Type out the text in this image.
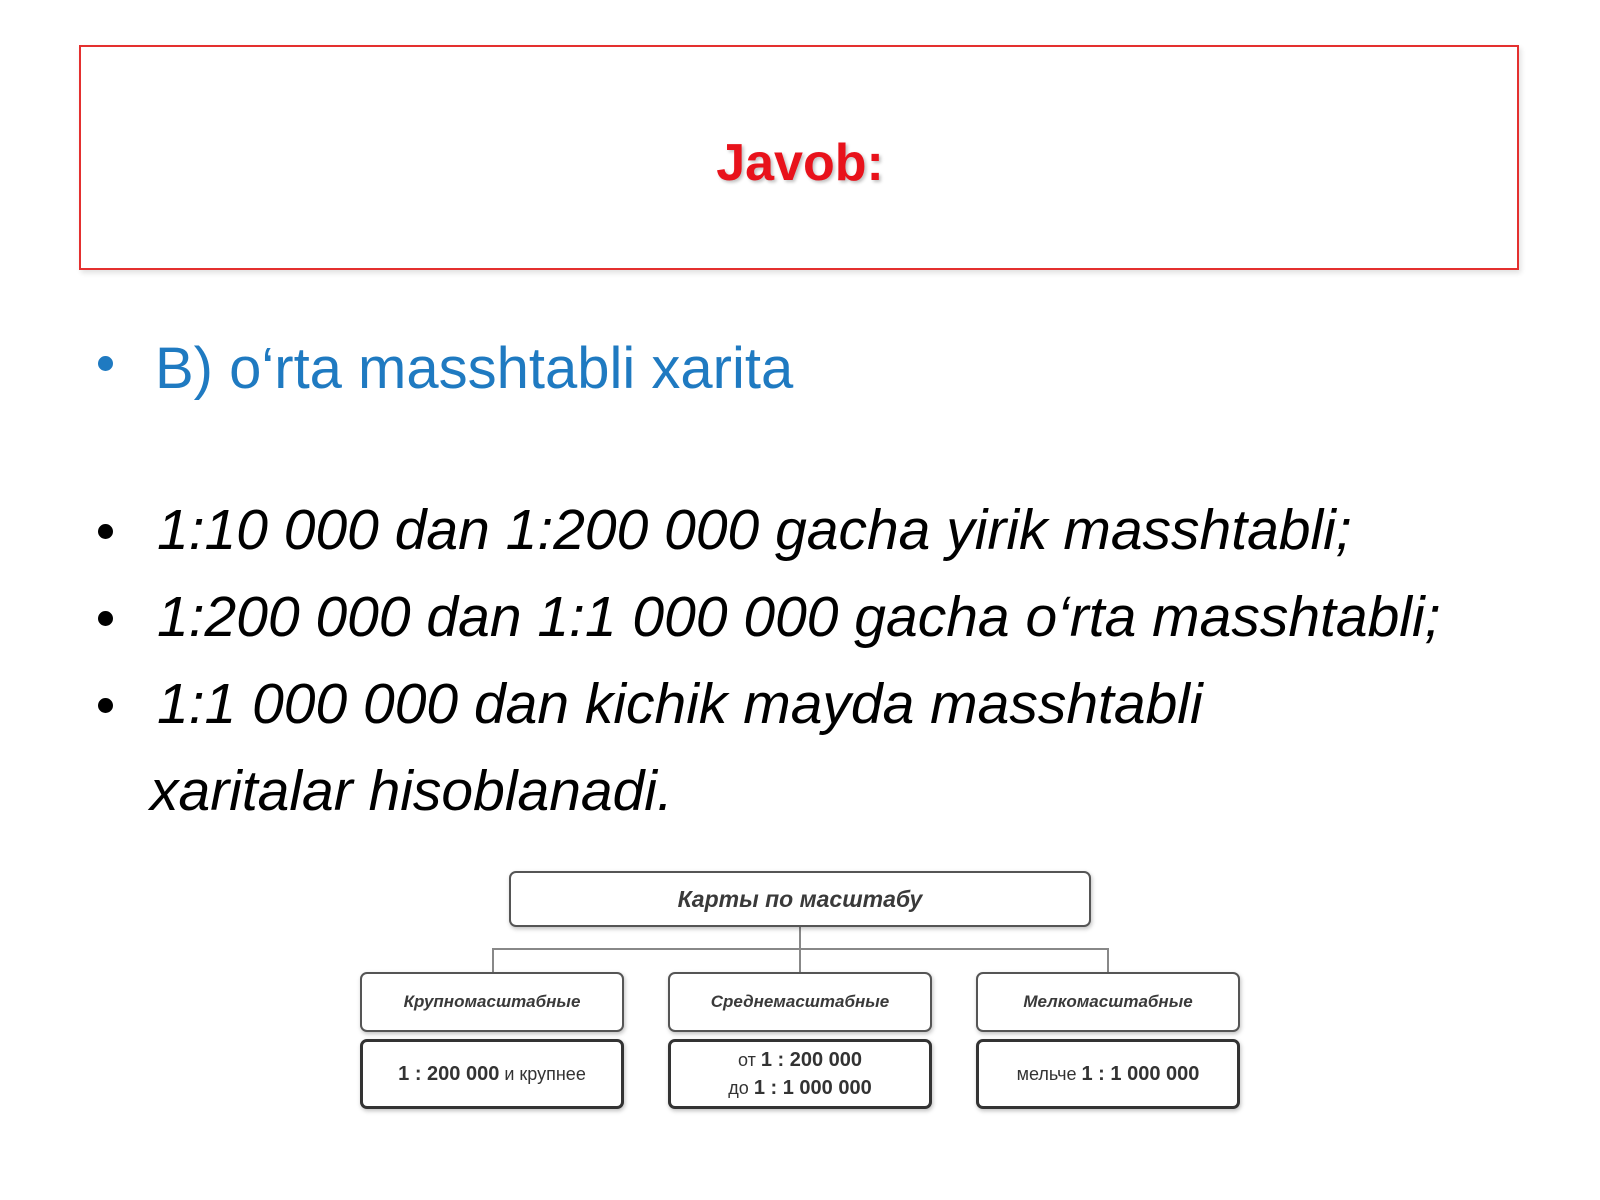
Javob:
B) o‘rta masshtabli xarita
1:10 000 dan 1:200 000 gacha yirik masshtabli;
1:200 000 dan 1:1 000 000 gacha o‘rta masshtabli;
1:1 000 000 dan kichik mayda masshtabli
xaritalar hisoblanadi.
Карты по масштабу
Крупномасштабные	Среднемасштабные	Мелкомасштабные
1 : 200 000 и крупнее
от 1 : 200 000
до 1 : 1 000 000
мельче 1 : 1 000 000
